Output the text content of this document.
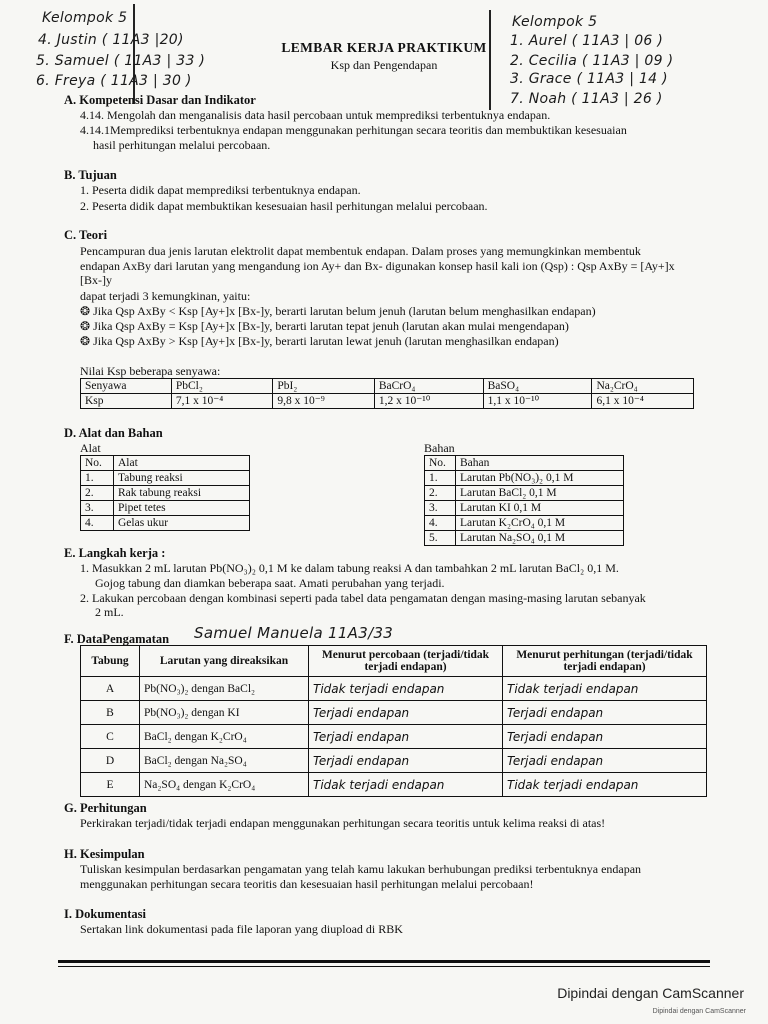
Kelompok 5
4. Justin ( 11A3 |20)
5. Samuel ( 11A3 | 33 )
6. Freya ( 11A3 | 30 )
Kelompok 5
1. Aurel ( 11A3 | 06 )
2. Cecilia ( 11A3 | 09 )
3. Grace ( 11A3 | 14 )
7. Noah ( 11A3 | 26 )
LEMBAR KERJA PRAKTIKUM
Ksp dan Pengendapan
A. Kompetensi Dasar dan Indikator
4.14. Mengolah dan menganalisis data hasil percobaan untuk memprediksi terbentuknya endapan.
4.14.1Memprediksi terbentuknya endapan menggunakan perhitungan secara teoritis dan membuktikan kesesuaian
hasil perhitungan melalui percobaan.
B. Tujuan
1. Peserta didik dapat memprediksi terbentuknya endapan.
2. Peserta didik dapat membuktikan kesesuaian hasil perhitungan melalui percobaan.
C. Teori
Pencampuran dua jenis larutan elektrolit dapat membentuk endapan. Dalam proses yang memungkinkan membentuk
endapan AxBy dari larutan yang mengandung ion Ay+ dan Bx- digunakan konsep hasil kali ion (Qsp) : Qsp AxBy = [Ay+]x
[Bx-]y
dapat terjadi 3 kemungkinan, yaitu:
❂ Jika Qsp AxBy < Ksp [Ay+]x [Bx-]y, berarti larutan belum jenuh (larutan belum menghasilkan endapan)
❂ Jika Qsp AxBy = Ksp [Ay+]x [Bx-]y, berarti larutan tepat jenuh (larutan akan mulai mengendapan)
❂ Jika Qsp AxBy > Ksp [Ay+]x [Bx-]y, berarti larutan lewat jenuh (larutan menghasilkan endapan)
Nilai Ksp beberapa senyawa:
Senyawa	PbCl₂	PbI₂	BaCrO₄	BaSO₄	Na₂CrO₄
Ksp	7,1 x 10⁻⁴	9,8 x 10⁻⁹	1,2 x 10⁻¹⁰	1,1 x 10⁻¹⁰	6,1 x 10⁻⁴
D. Alat dan Bahan
Alat	Bahan
No.	Alat
1.	Tabung reaksi
2.	Rak tabung reaksi
3.	Pipet tetes
4.	Gelas ukur
No.	Bahan
1.	Larutan Pb(NO₃)₂ 0,1 M
2.	Larutan BaCl₂ 0,1 M
3.	Larutan KI 0,1 M
4.	Larutan K₂CrO₄ 0,1 M
5.	Larutan Na₂SO₄ 0,1 M
E. Langkah kerja :
1. Masukkan 2 mL larutan Pb(NO₃)₂ 0,1 M ke dalam tabung reaksi A dan tambahkan 2 mL larutan BaCl₂ 0,1 M.
Gojog tabung dan diamkan beberapa saat. Amati perubahan yang terjadi.
2. Lakukan percobaan dengan kombinasi seperti pada tabel data pengamatan dengan masing-masing larutan sebanyak
2 mL.
F. DataPengamatan Samuel Manuela 11A3/33
Tabung	Larutan yang direaksikan	Menurut percobaan (terjadi/tidak terjadi endapan)	Menurut perhitungan (terjadi/tidak terjadi endapan)
A	Pb(NO₃)₂ dengan BaCl₂	Tidak terjadi endapan	Tidak terjadi endapan
B	Pb(NO₃)₂ dengan KI	Terjadi endapan	Terjadi endapan
C	BaCl₂ dengan K₂CrO₄	Terjadi endapan	Terjadi endapan
D	BaCl₂ dengan Na₂SO₄	Terjadi endapan	Terjadi endapan
E	Na₂SO₄ dengan K₂CrO₄	Tidak terjadi endapan	Tidak terjadi endapan
G. Perhitungan
Perkirakan terjadi/tidak terjadi endapan menggunakan perhitungan secara teoritis untuk kelima reaksi di atas!
H. Kesimpulan
Tuliskan kesimpulan berdasarkan pengamatan yang telah kamu lakukan berhubungan prediksi terbentuknya endapan
menggunakan perhitungan secara teoritis dan kesesuaian hasil perhitungan melalui percobaan!
I. Dokumentasi
Sertakan link dokumentasi pada file laporan yang diupload di RBK
Dipindai dengan CamScanner
Dipindai dengan CamScanner
